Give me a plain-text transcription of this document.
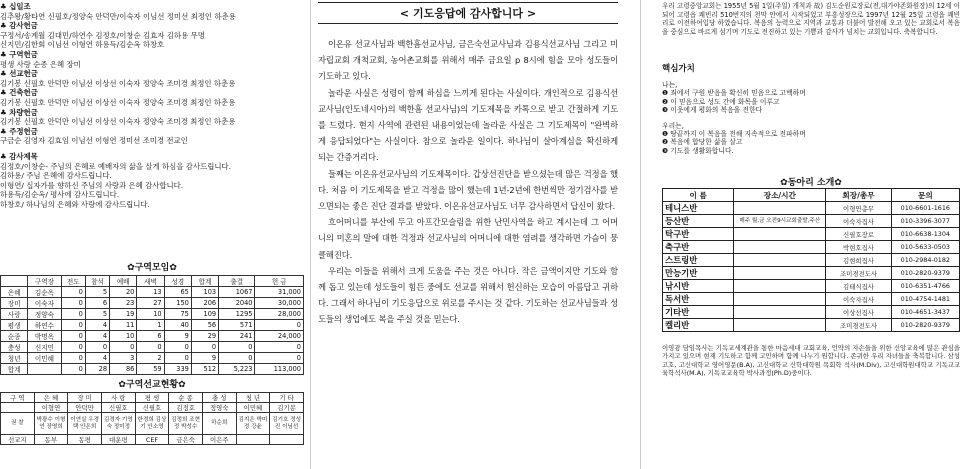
♣ 십일조
김추왕/황타연 신필호/정양숙 안덕만/이숙자 이님선 정미선 최정인 하춘용
♣ 감사헌금
구정서/송계월 김대민/하연수 김정호/이창순 김효자 김하용 무명
신지민/김한회 이님선 이형연 하용득/김순옥 하창호
♣ 구역헌금
평생 사랑 순종 은혜 장미
♣ 선교헌금
김기봉 신필호 안덕만 이님선 이상선 이숙자 정양숙 조미경 최정인 하춘용
♣ 건축헌금
김기봉 신필호 안덕만 이님선 이상선 이숙자 정양숙 조미경 최정인 하춘용
♣ 차량헌금
김기봉 신필호 안덕만 이님선 이상선 이숙자 정양숙 조미경 최정인 하춘용
♣ 주정헌금
구금순 김영자 김효임 이님선 이형연 정미선 조미경 전교인
♣ 감사제목
김정호/이창순- 주님의 은혜로 예배자의 삶을 살게 하심을 감사드립니다.
김하용/ 주님 은혜에 감사드립니다.
이형연/ 십자가를 향하신 주님의 사랑과 은혜 감사합니다.
하용득/김순옥/ 평사에 감사드립니다.
하창호/ 하나님의 은혜와 사랑에 감사드립니다.
✿구역모임✿
	구역장	전도	참석	예배	새벽	성경	합계	출결	헌 금
은혜	김순옥	0	5	20	13	65	103	1067	31,000
장미	이숙자	0	6	23	27	150	206	2040	30,000
사랑	정양숙	0	5	19	10	75	109	1295	28,000
평생	하연수	0	4	11	1	40	56	571	0
순종	박명옥	0	4	10	6	9	29	241	24,000
충성	신지민	0	0	0	0	0	0	0	0
청년	이민혜	0	4	3	2	0	9	0	0
합계		0	28	86	59	339	512	5,223	113,000
✿구역선교현황✿
구 역	은 혜	장 미	사 랑	평 생	순 종	충 성	청 년	기 타
	이형연	안덕만	신필호	신필호	김정호	정영숙	이민혜	김기봉
권 찰	박광수 이형연 장영희	이연실 우경택 안은희	김경자 기영숙 정미정	한경희 김상기 안소영	김정희 조현정 박성수	하순희	김지은 박미정 강윤	김기호 정성진 이님선
선교지	동부	동평	대운평	CEF	금은숙	이은주		
< 기도응답에 감사합니다 >

이온유 선교사님과 백한흠선교사님, 금은숙선교사님과 김용식선교사님 그리고 미자립교회 개척교회, 농어촌교회를 위해서 매주 금요일 p 8시에 힘을 모아 성도들이 기도하고 있다.

놀라운 사실은 성령이 함께 하심을 느끼게 된다는 사실이다. 개인적으로 김용식선교사님(인도네시아)의 백한흠 선교사님)의 기도제목을 카톡으로 받고 간절하게 기도를 드렸다. 현지 사역에 관련된 내용이었는데 놀라운 사실은 그 기도제목이 "완벽하게 응답되었다"는 사실이다. 참으로 놀라운 일이다. 하나님이 살아계심을 확신하게 되는 간증거리다.

들째는 이온유선교사님의 기도제목이다. 갑상선진단을 받으셨는데 많은 걱정을 했다. 처음 이 기도제목을 받고 걱정을 많이 했는데 1년-2년에 한번씩만 정기검사를 받으면되는 좋은 진단 결과를 받았다. 이온유선교사님도 너무 감사하면서 답신이 왔다.

흐어머니를 부산에 두고 아프간모슬림을 위한 난민사역을 하고 계시는데 그 어머니의 미혼의 말에 대한 걱정과 선교사님의 어머니에 대한 염려를 생각하면 가슴이 뭉클해진다.

우리는 이들을 위해서 크게 도움을 주는 것은 아니다. 작은 금액이지만 기도와 함께 돕고 있는데 성도들이 힘든 중에도 선교를 위해서 헌신하는 모습이 아름답고 귀하다. 그래서 하나님이 기도응답으로 위로를 주시는 것 같다. 기도하는 선교사님들과 성도들의 생업에도 복을 주실 것을 믿는다.

우리 고령중앙교회는 1955년 5월 1일(주일) 개척과 故) 김도순원로장로(전,대가야존화원장)의 12세 이 되어 고령읍 쾌빈리 510번지의 천막 안에서 시작되었고 부흥성장으로 1997년 12월 25일 고령읍 쾌빈리로 이전하여입당 하였습니다. 복음의 능력으로 지역과 교통과 더불어 발전해 오고 있는 교회로서 복음을 중심으로 바르게 섬기며 기도로 전진하고 있는 기쁨과 감사가 넘치는 교회입니다. 축복합니다.
핵심가치
나는,
❶ 죄에서 구원 받음을 확신히 믿음으로 고백하며
❷ 이 믿음으로 성도 간에 화목을 이루고
❸ 이웃에게 평화의 복음을 전한다
우리는,
❶ 땅끝까지 이 복음을 전해 지속적으로 전파하며
❷ 복음에 합당한 삶을 살고
❸ 기도를 생활화합니다.
✿동아리 소개✿
이 름	장소/시간	회장/총무	문의
테니스반		이형연총무	010-6601-1616
등산반	매주 월,금 오전9시교회출발,주산	이숙자집사	010-3396-3077
탁구반		신필호장로	010-6638-1304
축구반		박현호집사	010-5633-0503
스트링반		김현희집사	010-2984-0182
만능기반		조미경전도사	010-2820-9379
낚시반		김태식집사	010-6351-4766
독서반		이숙자집사	010-4754-1481
기타반		이상선집사	010-4651-3437
켈리반		조미경전도사	010-2820-9379
이영광 담임목사는 기독교세계관을 통한 마음세대 교회교육, 언약의 자손들을 위한 신앙교육에 많은 관심을 가지고 있으며 현재 기도하고 함께 고민하며 함께 나누기 원합니다. 존귀한 우리 자녀들을 축복합니다. 삼성고호, 고신대학교 영어영문(B.A), 고신대학교 신학대학원 목회학 석사(M.Div), 고신대학원대학교 기독교교육학석사(M.A), 기독교교육학 박사과정(Ph.D)중이다.
